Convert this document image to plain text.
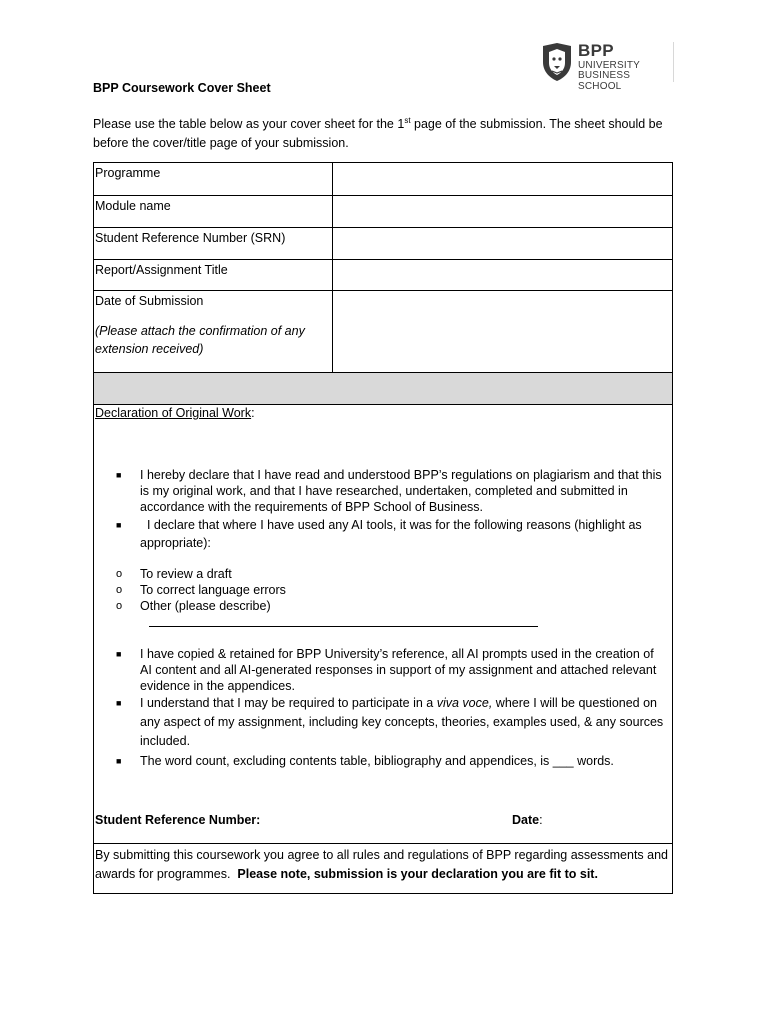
BPP
UNIVERSITY
BUSINESS SCHOOL
BPP Coursework Cover Sheet
Please use the table below as your cover sheet for the 1st page of the submission. The sheet should be before the cover/title page of your submission.
Programme
Module name
Student Reference Number (SRN)
Report/Assignment Title
Date of Submission
(Please attach the confirmation of any extension received)
Declaration of Original Work:
■ I hereby declare that I have read and understood BPP’s regulations on plagiarism and that this is my original work, and that I have researched, undertaken, completed and submitted in accordance with the requirements of BPP School of Business.
■ I declare that where I have used any AI tools, it was for the following reasons (highlight as appropriate):
o To review a draft
o To correct language errors
o Other (please describe)
■ I have copied & retained for BPP University’s reference, all AI prompts used in the creation of AI content and all AI-generated responses in support of my assignment and attached relevant evidence in the appendices.
■ I understand that I may be required to participate in a viva voce, where I will be questioned on any aspect of my assignment, including key concepts, theories, examples used, & any sources included.
■ The word count, excluding contents table, bibliography and appendices, is ___ words.
Student Reference Number:	Date:
By submitting this coursework you agree to all rules and regulations of BPP regarding assessments and awards for programmes.  Please note, submission is your declaration you are fit to sit.
